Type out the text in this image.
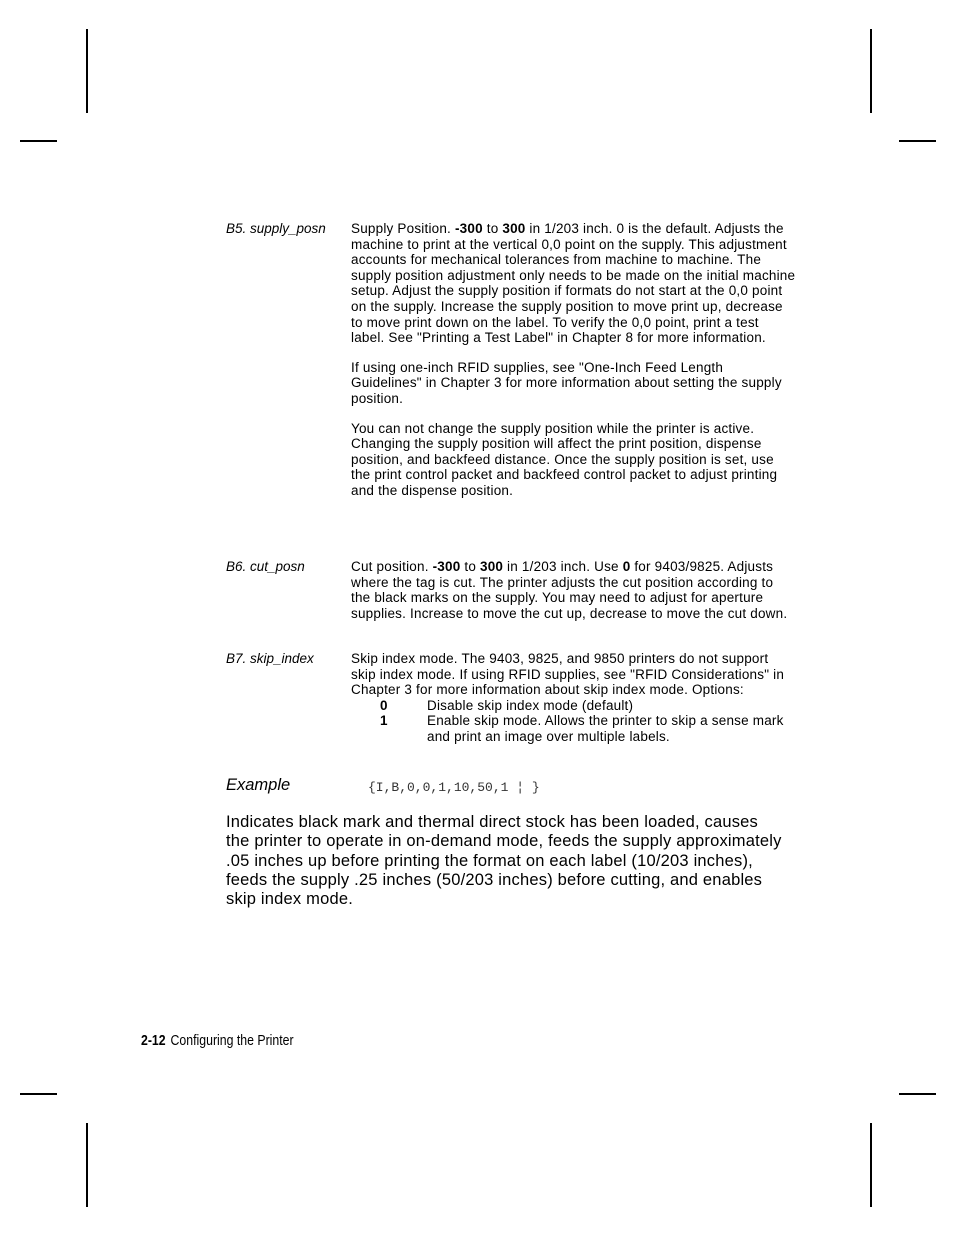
B5. supply_posn Supply Position. -300 to 300 in 1/203 inch. 0 is the default. Adjusts the machine to print at the vertical 0,0 point on the supply. This adjustment accounts for mechanical tolerances from machine to machine. The supply position adjustment only needs to be made on the initial machine setup. Adjust the supply position if formats do not start at the 0,0 point on the supply. Increase the supply position to move print up, decrease to move print down on the label. To verify the 0,0 point, print a test label. See "Printing a Test Label" in Chapter 8 for more information.

If using one-inch RFID supplies, see "One-Inch Feed Length Guidelines" in Chapter 3 for more information about setting the supply position.

You can not change the supply position while the printer is active. Changing the supply position will affect the print position, dispense position, and backfeed distance. Once the supply position is set, use the print control packet and backfeed control packet to adjust printing and the dispense position.

B6. cut_posn	Cut position. -300 to 300 in 1/203 inch. Use 0 for 9403/9825. Adjusts where the tag is cut. The printer adjusts the cut position according to the black marks on the supply. You may need to adjust for aperture supplies. Increase to move the cut up, decrease to move the cut down.

B7. skip_index	Skip index mode. The 9403, 9825, and 9850 printers do not support skip index mode. If using RFID supplies, see "RFID Considerations" in Chapter 3 for more information about skip index mode. Options:

0	Disable skip index mode (default)
1	Enable skip mode. Allows the printer to skip a sense mark and print an image over multiple labels.
Example	{I,B,0,0,1,10,50,1 ¦ }
Indicates black mark and thermal direct stock has been loaded, causes the printer to operate in on-demand mode, feeds the supply approximately .05 inches up before printing the format on each label (10/203 inches), feeds the supply .25 inches (50/203 inches) before cutting, and enables skip index mode.
2-12 Configuring the Printer
